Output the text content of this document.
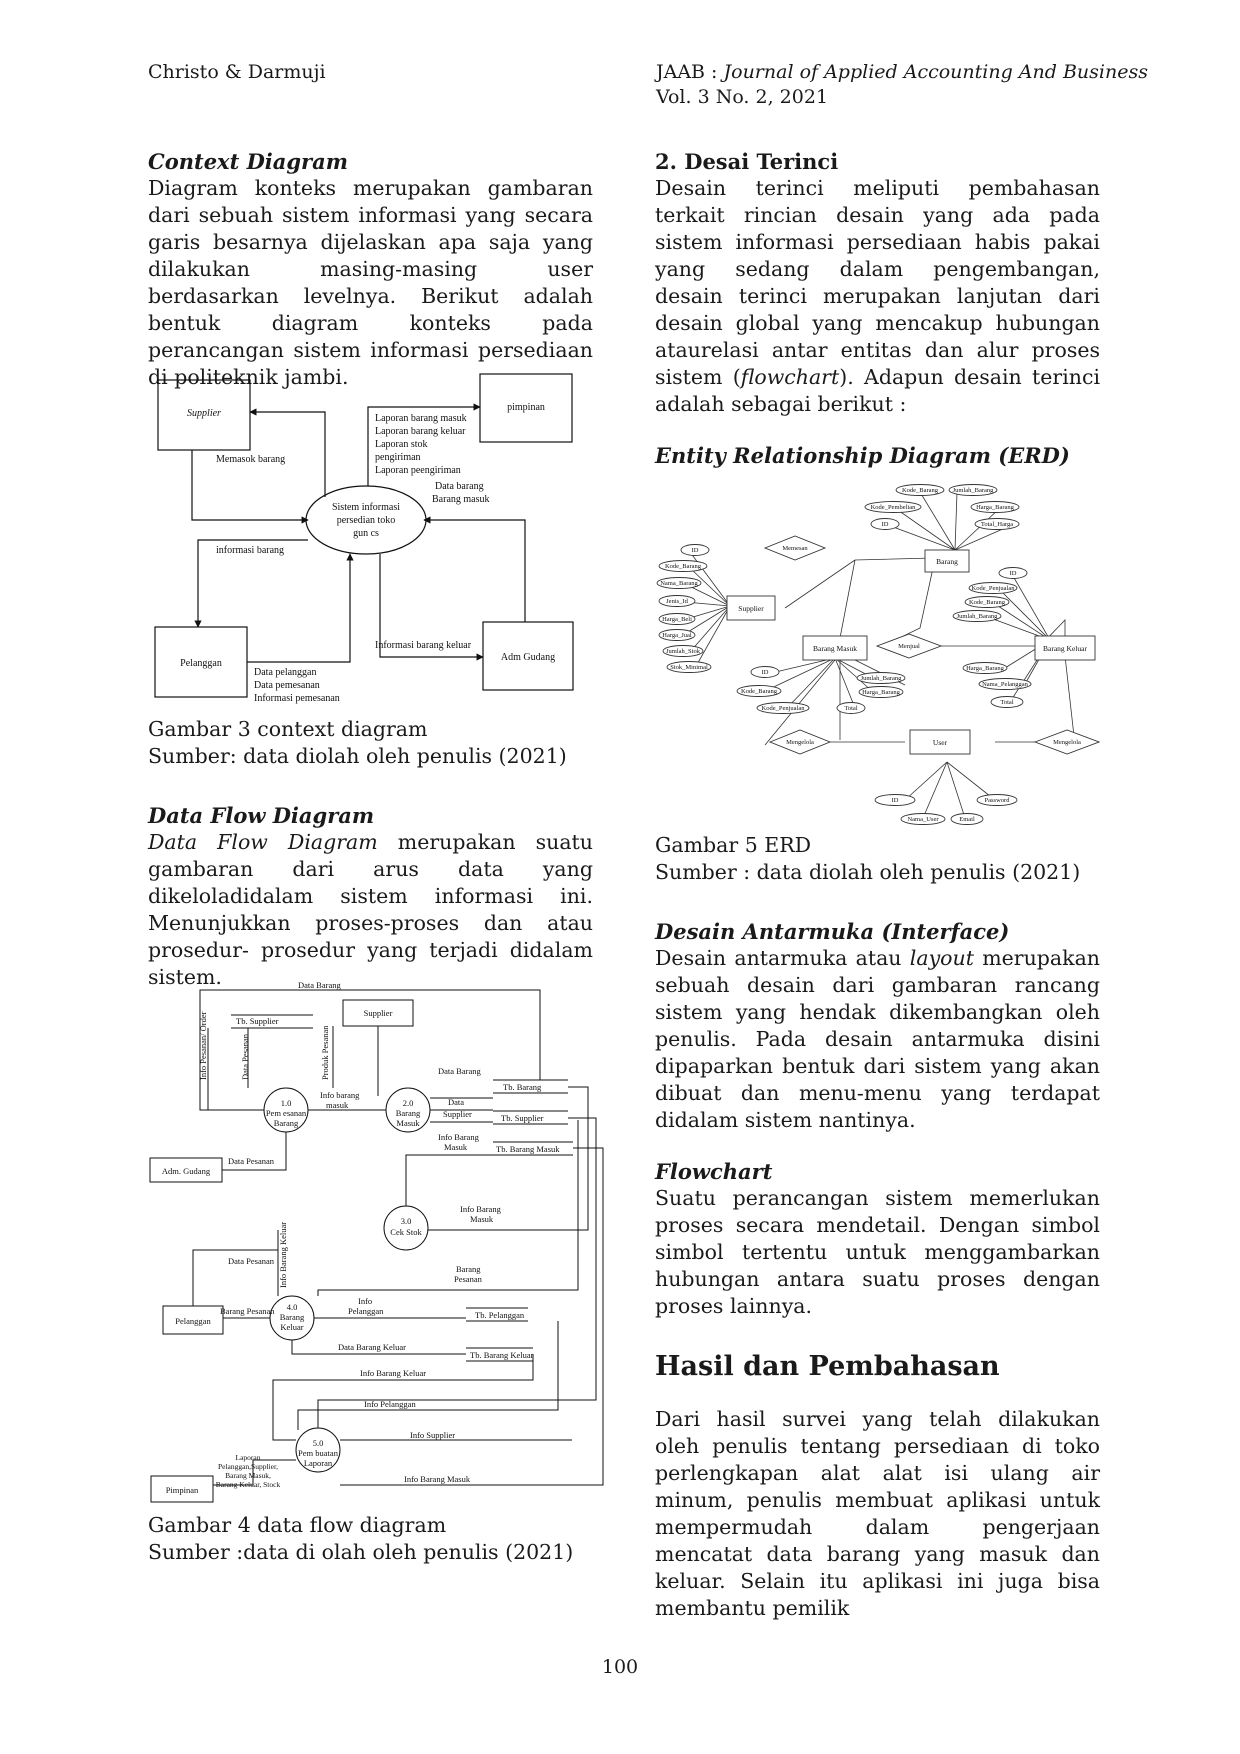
Christo & Darmuji	JAAB : Journal of Applied Accounting And Business
Vol. 3 No. 2, 2021
Context Diagram

Diagram konteks merupakan gambaran dari sebuah sistem informasi yang secara garis besarnya dijelaskan apa saja yang dilakukan masing-masing user berdasarkan levelnya. Berikut adalah bentuk diagram konteks pada perancangan sistem informasi persediaan di politeknik jambi.

Supplier
pimpinan
Pelanggan
Adm Gudang
Sistem informasi
persedian toko
gun cs
Memasok barang
informasi barang
Laporan barang masuk
Laporan barang keluar
Laporan stok
pengiriman
Laporan peengiriman
Data barang
Barang masuk
Informasi barang keluar
Data pelanggan
Data pemesanan
Informasi pemesanan

Gambar 3 context diagram

Sumber: data diolah oleh penulis (2021)

Data Flow Diagram

Data Flow Diagram merupakan suatu gambaran dari arus data yang dikeloladidalam sistem informasi ini. Menunjukkan proses-proses dan atau prosedur- prosedur yang terjadi didalam sistem.	Data Barang
Tb. Supplier
Supplier
Info Pesanan/ Order	Data Pesanan	Produk Pesanan
1.0
Pem esanan
Barang
Info barang
masuk	2.0
Barang
Masuk
Data Barang
Data
Supplier
Info Barang
Masuk
Tb. Barang
Tb. Supplier
Tb. Barang Masuk
Adm. Gudang
Data Pesanan
3.0
Cek Stok
Info Barang
Masuk
Data Pesanan Info Barang Keluar	Barang
Pesanan
Pelanggan
Barang Pesanan 4.0
Barang
Keluar
Info
Pelanggan	Tb. Pelanggan
Data Barang Keluar
Tb. Barang Keluar
Info Barang Keluar
Info Pelanggan
5.0
Pem buatan
Laporan
Info Supplier
Info Barang Masuk
Laporan
Pelanggan,Supplier,
Barang Masuk,
Barang Keluar, Stock
Pimpinan

Gambar 4 data flow diagram

Sumber :data di olah oleh penulis (2021)

2. Desai Terinci

Desain terinci meliputi pembahasan terkait rincian desain yang ada pada sistem informasi persediaan habis pakai yang sedang dalam pengembangan, desain terinci merupakan lanjutan dari desain global yang mencakup hubungan ataurelasi antar entitas dan alur proses sistem (flowchart). Adapun desain terinci adalah sebagai berikut :

Entity Relationship Diagram (ERD)
Barang
Supplier
Barang Masuk	Barang Keluar
User
Memesan
Menjual
Mengelola	Mengelola
Kode_Barang Jumlah_Barang
Kode_Pembelian	Harga_Barang
ID	Total_Harga
ID
Kode_Barang
Nama_Barang
Jenis_Id
Harga_Beli
Harga_Jual
Jumlah_Stok
Stok_Minimal
ID
Kode_Penjualan
Kode_Barang
Jumlah_Barang
Harga_Barang
Nama_Pelanggan
Total
ID
Jumlah_Barang
Kode_Barang	Harga_Barang
Kode_Penjualan	Total
ID	Password
Nama_User	Email

Gambar 5 ERD

Sumber : data diolah oleh penulis (2021)

Desain Antarmuka (Interface)

Desain antarmuka atau layout merupakan sebuah desain dari gambaran rancang sistem yang hendak dikembangkan oleh penulis. Pada desain antarmuka disini dipaparkan bentuk dari sistem yang akan dibuat dan menu-menu yang terdapat didalam sistem nantinya.

Flowchart

Suatu perancangan sistem memerlukan proses secara mendetail. Dengan simbol simbol tertentu untuk menggambarkan hubungan antara suatu proses dengan proses lainnya.

Hasil dan Pembahasan

Dari hasil survei yang telah dilakukan oleh penulis tentang persediaan di toko perlengkapan alat alat isi ulang air minum, penulis membuat aplikasi untuk mempermudah dalam pengerjaan mencatat data barang yang masuk dan keluar. Selain itu aplikasi ini juga bisa membantu pemilik

100
